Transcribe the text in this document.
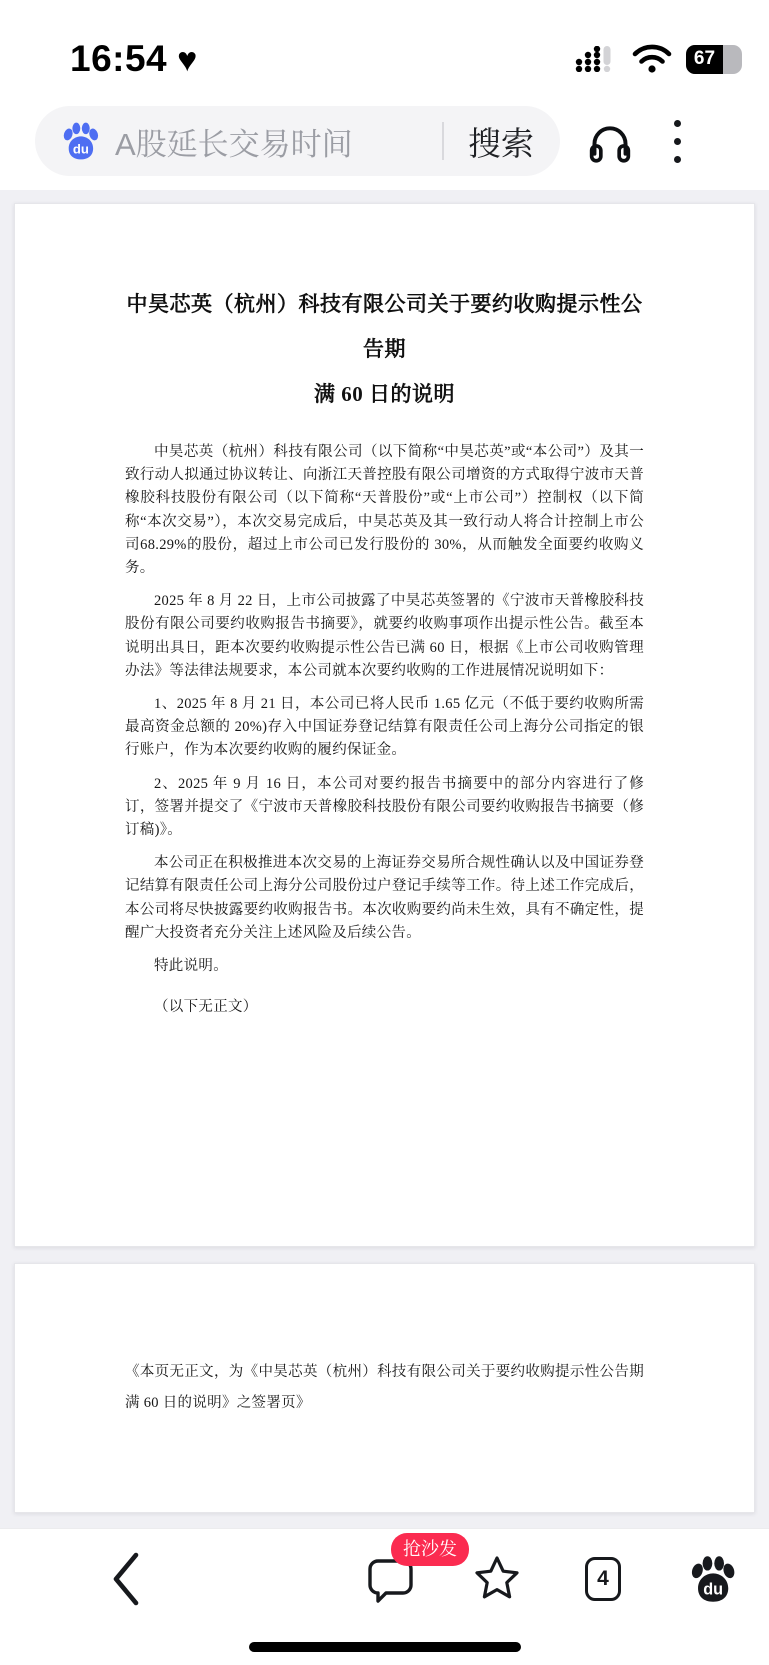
16:54 ♥	67
du A股延长交易时间	搜索
中昊芯英（杭州）科技有限公司关于要约收购提示性公告期
满 60 日的说明

中昊芯英（杭州）科技有限公司（以下简称“中昊芯英”或“本公司”）及其一致行动人拟通过协议转让、向浙江天普控股有限公司增资的方式取得宁波市天普橡胶科技股份有限公司（以下简称“天普股份”或“上市公司”）控制权（以下简称“本次交易”），本次交易完成后，中昊芯英及其一致行动人将合计控制上市公司68.29%的股份，超过上市公司已发行股份的 30%，从而触发全面要约收购义务。

2025 年 8 月 22 日，上市公司披露了中昊芯英签署的《宁波市天普橡胶科技股份有限公司要约收购报告书摘要》，就要约收购事项作出提示性公告。截至本说明出具日，距本次要约收购提示性公告已满 60 日，根据《上市公司收购管理办法》等法律法规要求，本公司就本次要约收购的工作进展情况说明如下：

1、2025 年 8 月 21 日，本公司已将人民币 1.65 亿元（不低于要约收购所需最高资金总额的 20%)存入中国证券登记结算有限责任公司上海分公司指定的银行账户，作为本次要约收购的履约保证金。

2、2025 年 9 月 16 日，本公司对要约报告书摘要中的部分内容进行了修订，签署并提交了《宁波市天普橡胶科技股份有限公司要约收购报告书摘要（修订稿)》。

本公司正在积极推进本次交易的上海证券交易所合规性确认以及中国证券登记结算有限责任公司上海分公司股份过户登记手续等工作。待上述工作完成后，本公司将尽快披露要约收购报告书。本次收购要约尚未生效，具有不确定性，提醒广大投资者充分关注上述风险及后续公告。

特此说明。

（以下无正文）

《本页无正文，为《中昊芯英（杭州）科技有限公司关于要约收购提示性公告期满 60 日的说明》之签署页》
抢沙发
4	du
